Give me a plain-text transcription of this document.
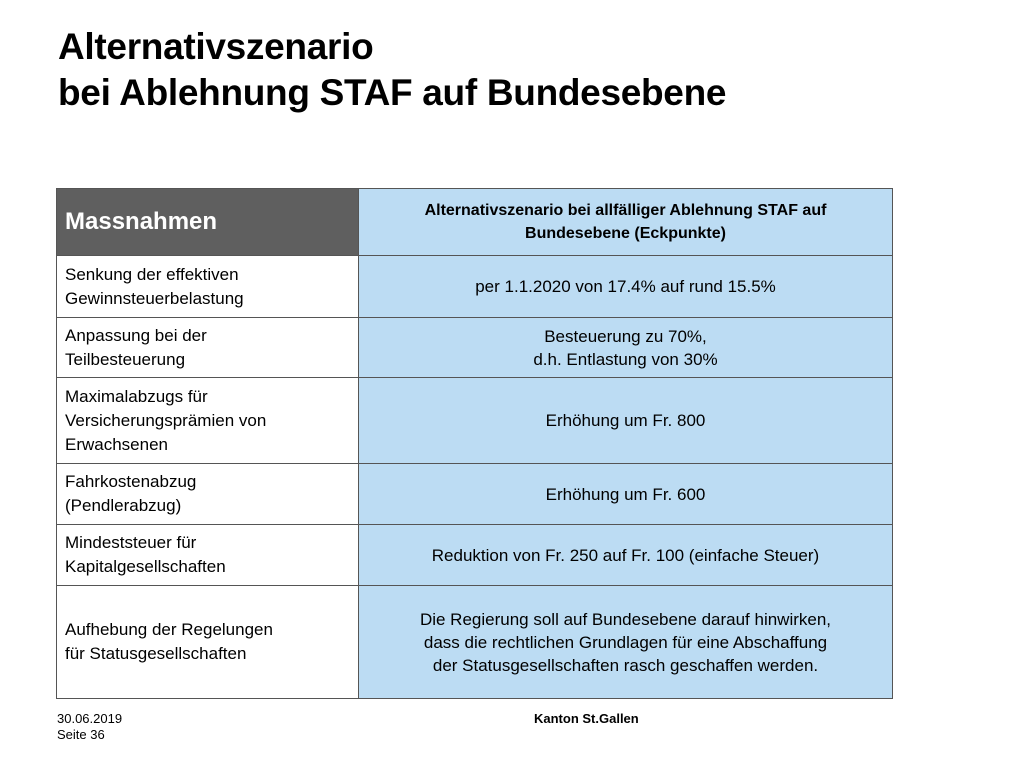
Alternativszenario
bei Ablehnung STAF auf Bundesebene
Massnahmen	Alternativszenario bei allfälliger Ablehnung STAF auf
Bundesebene (Eckpunkte)

Senkung der effektiven
Gewinnsteuerbelastung	per 1.1.2020 von 17.4% auf rund 15.5%

Anpassung bei der
Teilbesteuerung	Besteuerung zu 70%,
d.h. Entlastung von 30%

Maximalabzugs für
Versicherungsprämien von
Erwachsenen	Erhöhung um Fr. 800

Fahrkostenabzug
(Pendlerabzug)	Erhöhung um Fr. 600

Mindeststeuer für
Kapitalgesellschaften	Reduktion von Fr. 250 auf Fr. 100 (einfache Steuer)

Aufhebung der Regelungen
für Statusgesellschaften	Die Regierung soll auf Bundesebene darauf hinwirken,
dass die rechtlichen Grundlagen für eine Abschaffung
der Statusgesellschaften rasch geschaffen werden.
30.06.2019
Seite 36
Kanton St.Gallen
